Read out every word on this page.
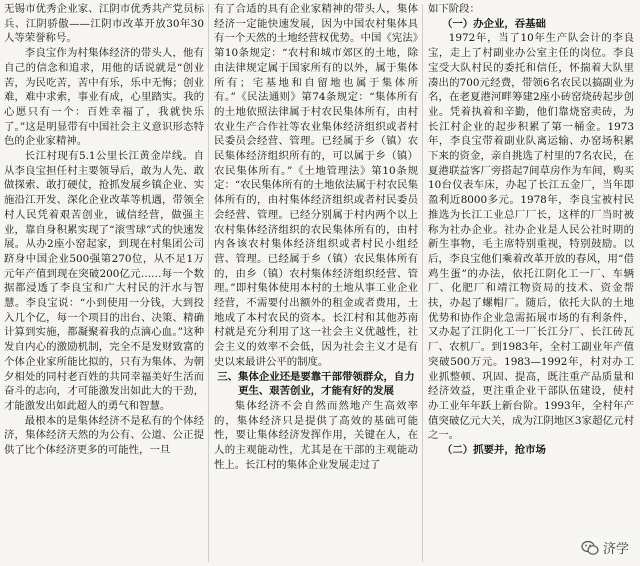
无锡市优秀企业家、江阴市优秀共产党员标兵、江阴骄傲——江阴市改革开放30年30人等荣誉称号。

李良宝作为村集体经济的带头人，他有自己的信念和追求，用他的话说就是“创业苦，为民吃苦，苦中有乐，乐中无悔；创业难，难中求索，事业有成，心里踏实。我的心愿只有一个：百姓幸福了，我就快乐了。”这是明显带有中国社会主义意识形态特色的企业家精神。

长江村现有5.1公里长江黄金岸线。自从李良宝担任村主要领导后，敢为人先、敢做探索、敢打硬仗，抢抓发展乡镇企业、实施沿江开发、深化企业改革等机遇，带领全村人民凭着艰苦创业，诚信经营，做强主业，靠自身积累实现了“滚雪球”式的快速发展。从办2座小窑起家，到现在村集团公司跻身中国企业500强第270位，从不足1万元年产值到现在突破200亿元……每一个数据都浸透了李良宝和广大村民的汗水与智慧。李良宝说：“小到使用一分钱，大到投入几个亿，每一个项目的出台、决策、精确计算到实施，都凝聚着我的点滴心血。”这种发自内心的激励机制，完全不是发财致富的个体企业家所能比拟的，只有为集体、为朝夕相处的同村老百姓的共同幸福美好生活而奋斗的志向，才可能激发出如此大的干劲，才能激发出如此超人的勇气和智慧。

最根本的是集体经济不是私有的个体经济，集体经济天然的为公有、公道、公正提供了比个体经济更多的可能性，一旦

有了合适的具有企业家精神的带头人，集体经济一定能快速发展，因为中国农村集体具有一个天然的土地经营权优势。中国《宪法》第10条规定：“农村和城市郊区的土地，除由法律规定属于国家所有的以外，属于集体所有；宅基地和自留地也属于集体所有。”《民法通则》第74条规定：“集体所有的土地依照法律属于村农民集体所有，由村农业生产合作社等农业集体经济组织或者村民委员会经营、管理。已经属于乡（镇）农民集体经济组织所有的，可以属于乡（镇）农民集体所有。”《土地管理法》第10条规定：“农民集体所有的土地依法属于村农民集体所有的，由村集体经济组织或者村民委员会经营、管理。已经分别属于村内两个以上农村集体经济组织的农民集体所有的，由村内各该农村集体经济组织或者村民小组经营、管理。已经属于乡（镇）农民集体所有的，由乡（镇）农村集体经济组织经营、管理。”即村集体使用本村的土地从事工业企业经营，不需要付出额外的租金或者费用，土地成了本村农民的资本。长江村和其他苏南村就是充分利用了这一社会主义优越性，社会主义的效率不会低，因为社会主义才是有史以来最讲公平的制度。

三、集体企业还是要靠干部带领群众，自力更生、艰苦创业，才能有好的发展

集体经济不会自然而然地产生高效率的，集体经济只是提供了高效的基础可能性，要让集体经济发挥作用，关键在人，在人的主观能动性，尤其是在干部的主观能动性上。长江村的集体企业发展走过了

如下阶段：

（一）办企业，吞基础

1972年，当了10年生产队会计的李良宝，走上了村副业办公室主任的岗位。李良宝受大队村民的委托和信任，怀揣着大队里凑出的700元经费，带领6名农民以搞副业为名，在老夏港河畔筹建2座小砖窑烧砖起步创业。凭着执着和辛勤，他们靠烧窑卖砖，为长江村企业的起步积累了第一桶金。1973年，李良宝带着副业队离运输、办窑场积累下来的资金，亲自挑选了村里的7名农民，在夏港联益客厂旁搭起7间草房作为车间，购买10台仪表车床，办起了长江五金厂，当年即盈利近8000多元。1978年，李良宝被村民推选为长江工业总厂厂长，这样的厂当时被称为社办企业。社办企业是人民公社时期的新生事物，毛主席特别重视，特别鼓励。以后，李良宝他们乘着改革开放的春风，用“借鸡生蛋”的办法，依托江阴化工一厂、车辆厂、化肥厂和靖江物资局的技术、资金帮扶，办起了螺帽厂。随后，依托大队的土地优势和协作企业急需拓展市场的有利条件，又办起了江阴化工一厂长江分厂、长江砖瓦厂、农机厂。到1983年，全村工副业年产值突破500万元。1983—1992年，村对办工业抓整顿、巩固、提高，既注重产品质量和经济效益，更注重企业干部队伍建设，使村办工业年年跃上新台阶。1993年，全村年产值突破亿元大关，成为江阴地区3家超亿元村之一。

（二）抓要并，抢市场

济学
